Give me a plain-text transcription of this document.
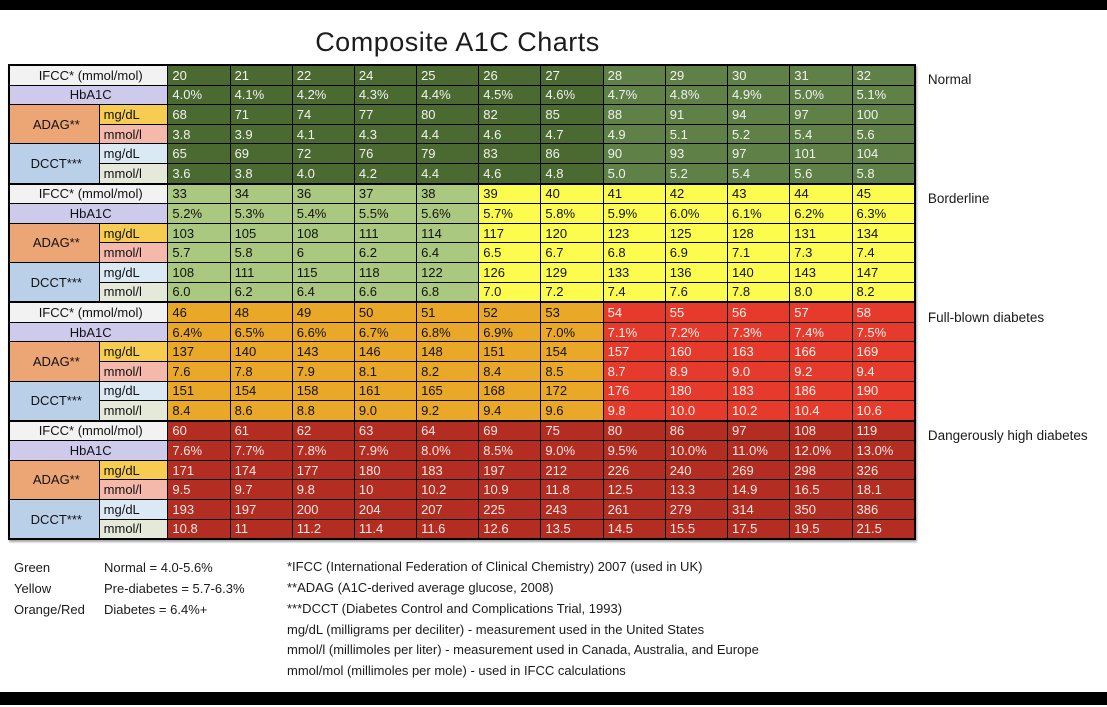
Composite A1C Charts
IFCC* (mmol/mol)		20	21	22	24	25	26	27	28	29	30	31	32
HbA1C		4.0%	4.1%	4.2%	4.3%	4.4%	4.5%	4.6%	4.7%	4.8%	4.9%	5.0%	5.1%
ADAG**	mg/dL	68	71	74	77	80	82	85	88	91	94	97	100
	mmol/l	3.8	3.9	4.1	4.3	4.4	4.6	4.7	4.9	5.1	5.2	5.4	5.6
DCCT***	mg/dL	65	69	72	76	79	83	86	90	93	97	101	104
	mmol/l	3.6	3.8	4.0	4.2	4.4	4.6	4.8	5.0	5.2	5.4	5.6	5.8
IFCC* (mmol/mol)		33	34	36	37	38	39	40	41	42	43	44	45
HbA1C		5.2%	5.3%	5.4%	5.5%	5.6%	5.7%	5.8%	5.9%	6.0%	6.1%	6.2%	6.3%
ADAG**	mg/dL	103	105	108	111	114	117	120	123	125	128	131	134
	mmol/l	5.7	5.8	6	6.2	6.4	6.5	6.7	6.8	6.9	7.1	7.3	7.4
DCCT***	mg/dL	108	111	115	118	122	126	129	133	136	140	143	147
	mmol/l	6.0	6.2	6.4	6.6	6.8	7.0	7.2	7.4	7.6	7.8	8.0	8.2
IFCC* (mmol/mol)		46	48	49	50	51	52	53	54	55	56	57	58
HbA1C		6.4%	6.5%	6.6%	6.7%	6.8%	6.9%	7.0%	7.1%	7.2%	7.3%	7.4%	7.5%
ADAG**	mg/dL	137	140	143	146	148	151	154	157	160	163	166	169
	mmol/l	7.6	7.8	7.9	8.1	8.2	8.4	8.5	8.7	8.9	9.0	9.2	9.4
DCCT***	mg/dL	151	154	158	161	165	168	172	176	180	183	186	190
	mmol/l	8.4	8.6	8.8	9.0	9.2	9.4	9.6	9.8	10.0	10.2	10.4	10.6
IFCC* (mmol/mol)		60	61	62	63	64	69	75	80	86	97	108	119
HbA1C		7.6%	7.7%	7.8%	7.9%	8.0%	8.5%	9.0%	9.5%	10.0%	11.0%	12.0%	13.0%
ADAG**	mg/dL	171	174	177	180	183	197	212	226	240	269	298	326
	mmol/l	9.5	9.7	9.8	10	10.2	10.9	11.8	12.5	13.3	14.9	16.5	18.1
DCCT***	mg/dL	193	197	200	204	207	225	243	261	279	314	350	386
	mmol/l	10.8	11	11.2	11.4	11.6	12.6	13.5	14.5	15.5	17.5	19.5	21.5
Normal
Borderline
Full-blown diabetes
Dangerously high diabetes
Green	Normal = 4.0-5.6%
Yellow	Pre-diabetes = 5.7-6.3%
Orange/Red	Diabetes = 6.4%+
*IFCC (International Federation of Clinical Chemistry) 2007 (used in UK)
**ADAG (A1C-derived average glucose, 2008)
***DCCT (Diabetes Control and Complications Trial, 1993)
mg/dL (milligrams per deciliter) - measurement used in the United States
mmol/l (millimoles per liter) - measurement used in Canada, Australia, and Europe
mmol/mol (millimoles per mole) - used in IFCC calculations
